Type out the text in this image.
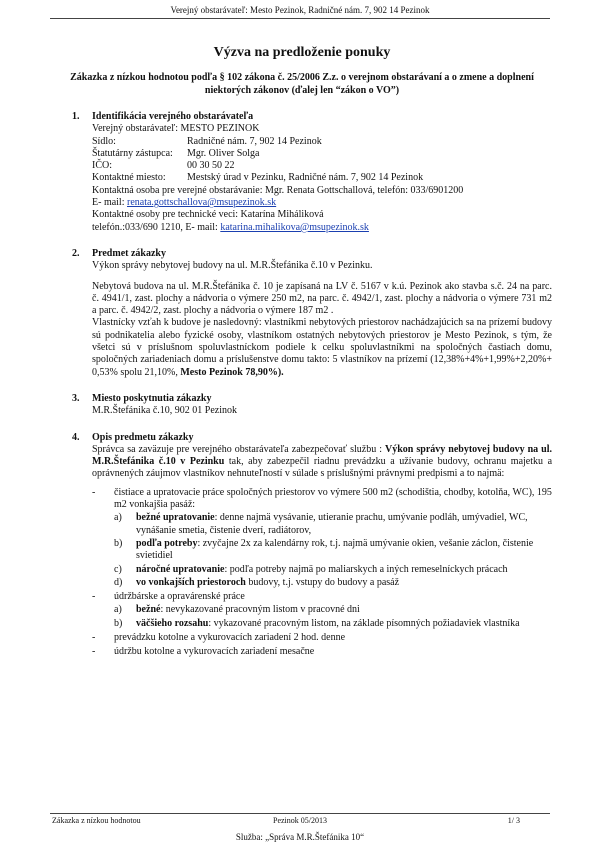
Verejný obstarávateľ: Mesto Pezinok, Radničné nám. 7, 902 14 Pezinok
Výzva na predloženie ponuky
Zákazka z nízkou hodnotou podľa § 102 zákona č. 25/2006 Z.z. o verejnom obstarávaní a o zmene a doplnení niektorých zákonov (ďalej len “zákon o VO”)
1. Identifikácia verejného obstarávateľa
Verejný obstarávateľ: MESTO PEZINOK
Sídlo:	Radničné nám. 7, 902 14 Pezinok
Štatutárny zástupca:	Mgr. Oliver Solga
IČO:	00 30 50 22
Kontaktné miesto:	Mestský úrad v Pezinku, Radničné nám. 7, 902 14 Pezinok
Kontaktná osoba pre verejné obstarávanie: Mgr. Renata Gottschallová, telefón: 033/6901200
E- mail: renata.gottschallova@msupezinok.sk
Kontaktné osoby pre technické veci: Katarína Miháliková
telefón.:033/690 1210, E- mail: katarina.mihalikova@msupezinok.sk
2. Predmet zákazky
Výkon správy nebytovej budovy na ul. M.R.Štefánika č.10 v Pezinku.
Nebytová budova na ul. M.R.Štefánika č. 10 je zapísaná na LV č. 5167 v k.ú. Pezinok ako stavba s.č. 24 na parc. č. 4941/1, zast. plochy a nádvoria o výmere 250 m2, na parc. č. 4942/1, zast. plochy a nádvoria o výmere 731 m2 a parc. č. 4942/2, zast. plochy a nádvoria o výmere 187 m2 .
Vlastnícky vzťah k budove je nasledovný: vlastníkmi nebytových priestorov nachádzajúcich sa na prízemí budovy sú podnikatelia alebo fyzické osoby, vlastníkom ostatných nebytových priestorov je Mesto Pezinok, s tým, že všetci sú v príslušnom spoluvlastníckom podiele k celku spoluvlastníkmi na spoločných častiach domu, spoločných zariadeniach domu a príslušenstve domu takto: 5 vlastníkov na prízemí (12,38%+4%+1,99%+2,20%+ 0,53% spolu 21,10%, Mesto Pezinok 78,90%).
3. Miesto poskytnutia zákazky
M.R.Štefánika č.10, 902 01 Pezinok
4. Opis predmetu zákazky
Správca sa zaväzuje pre verejného obstarávateľa zabezpečovať službu : Výkon správy nebytovej budovy na ul. M.R.Štefánika č.10 v Pezinku tak, aby zabezpečil riadnu prevádzku a užívanie budovy, ochranu majetku a oprávnených záujmov vlastníkov nehnuteľností v súlade s príslušnými právnymi predpismi a to najmä:
- čistiace a upratovacie práce spoločných priestorov vo výmere 500 m2 (schodištia, chodby, kotolňa, WC), 195 m2 vonkajšia pasáž:
a) bežné upratovanie: denne najmä vysávanie, utieranie prachu, umývanie podláh, umývadiel, WC, vynášanie smetia, čistenie dverí, radiátorov,
b) podľa potreby: zvyčajne 2x za kalendárny rok, t.j. najmä umývanie okien, vešanie záclon, čistenie svietidiel
c) náročné upratovanie: podľa potreby najmä po maliarskych a iných remeselníckych prácach
d) vo vonkajších priestoroch budovy, t.j. vstupy do budovy a pasáž
- údržbárske a opravárenské práce
a) bežné: nevykazované pracovným listom v pracovné dni
b) väčšieho rozsahu: vykazované pracovným listom, na základe písomných požiadaviek vlastníka
- prevádzku kotolne a vykurovacích zariadení 2 hod. denne
- údržbu kotolne a vykurovacích zariadení mesačne
Zákazka z nízkou hodnotou	Pezinok 05/2013	1/ 3
Služba: „Správa M.R.Štefánika 10“
